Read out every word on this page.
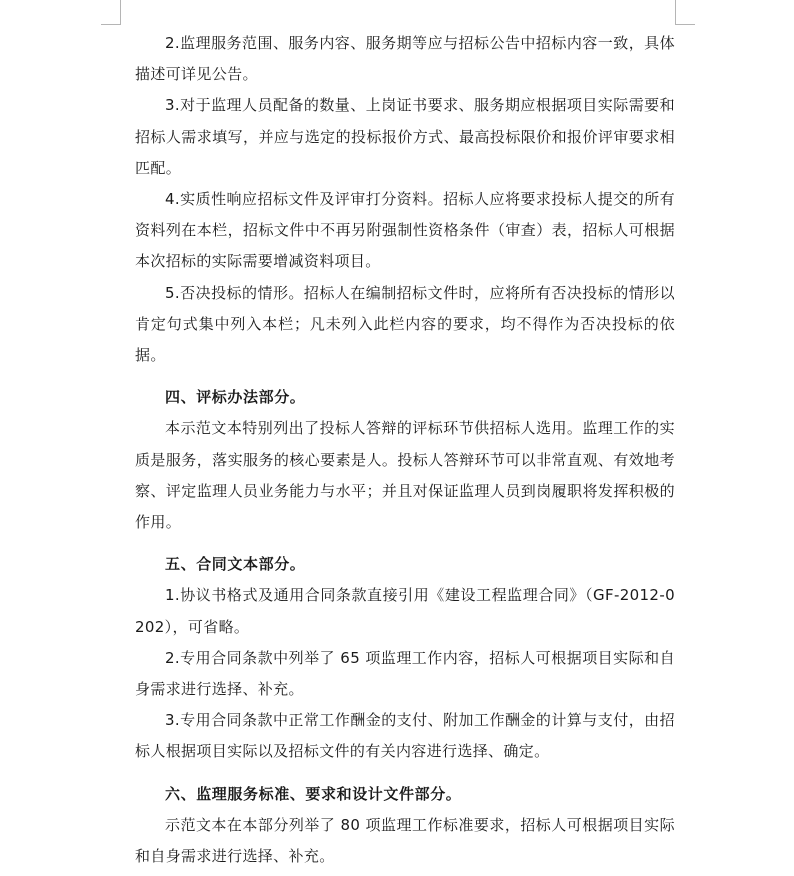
2.监理服务范围、服务内容、服务期等应与招标公告中招标内容一致，具体描述可详见公告。

3.对于监理人员配备的数量、上岗证书要求、服务期应根据项目实际需要和招标人需求填写，并应与选定的投标报价方式、最高投标限价和报价评审要求相匹配。

4.实质性响应招标文件及评审打分资料。招标人应将要求投标人提交的所有资料列在本栏，招标文件中不再另附强制性资格条件（审查）表，招标人可根据本次招标的实际需要增减资料项目。

5.否决投标的情形。招标人在编制招标文件时，应将所有否决投标的情形以肯定句式集中列入本栏；凡未列入此栏内容的要求，均不得作为否决投标的依据。

四、评标办法部分。

本示范文本特别列出了投标人答辩的评标环节供招标人选用。监理工作的实质是服务，落实服务的核心要素是人。投标人答辩环节可以非常直观、有效地考察、评定监理人员业务能力与水平；并且对保证监理人员到岗履职将发挥积极的作用。

五、合同文本部分。

1.协议书格式及通用合同条款直接引用《建设工程监理合同》（GF-2012-0202），可省略。

2.专用合同条款中列举了 65 项监理工作内容，招标人可根据项目实际和自身需求进行选择、补充。

3.专用合同条款中正常工作酬金的支付、附加工作酬金的计算与支付，由招标人根据项目实际以及招标文件的有关内容进行选择、确定。

六、监理服务标准、要求和设计文件部分。

示范文本在本部分列举了 80 项监理工作标准要求，招标人可根据项目实际和自身需求进行选择、补充。
